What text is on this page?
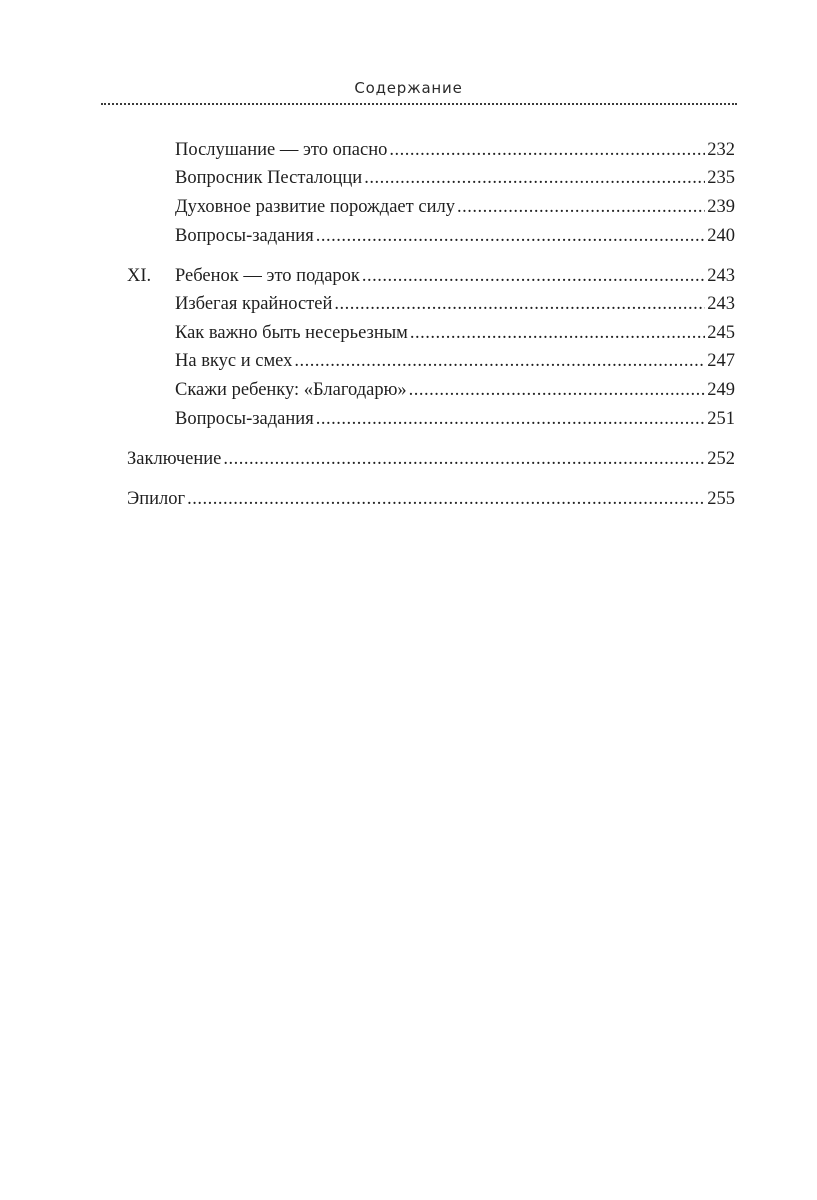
Содержание
Послушание — это опасно .....	232
Вопросник Песталоцци .....	235
Духовное развитие порождает силу .....	239
Вопросы-задания .....	240
XI. Ребенок — это подарок .....	243
Избегая крайностей .....	243
Как важно быть несерьезным .....	245
На вкус и смех .....	247
Скажи ребенку: «Благодарю» .....	249
Вопросы-задания .....	251
Заключение .....	252
Эпилог .....	255
